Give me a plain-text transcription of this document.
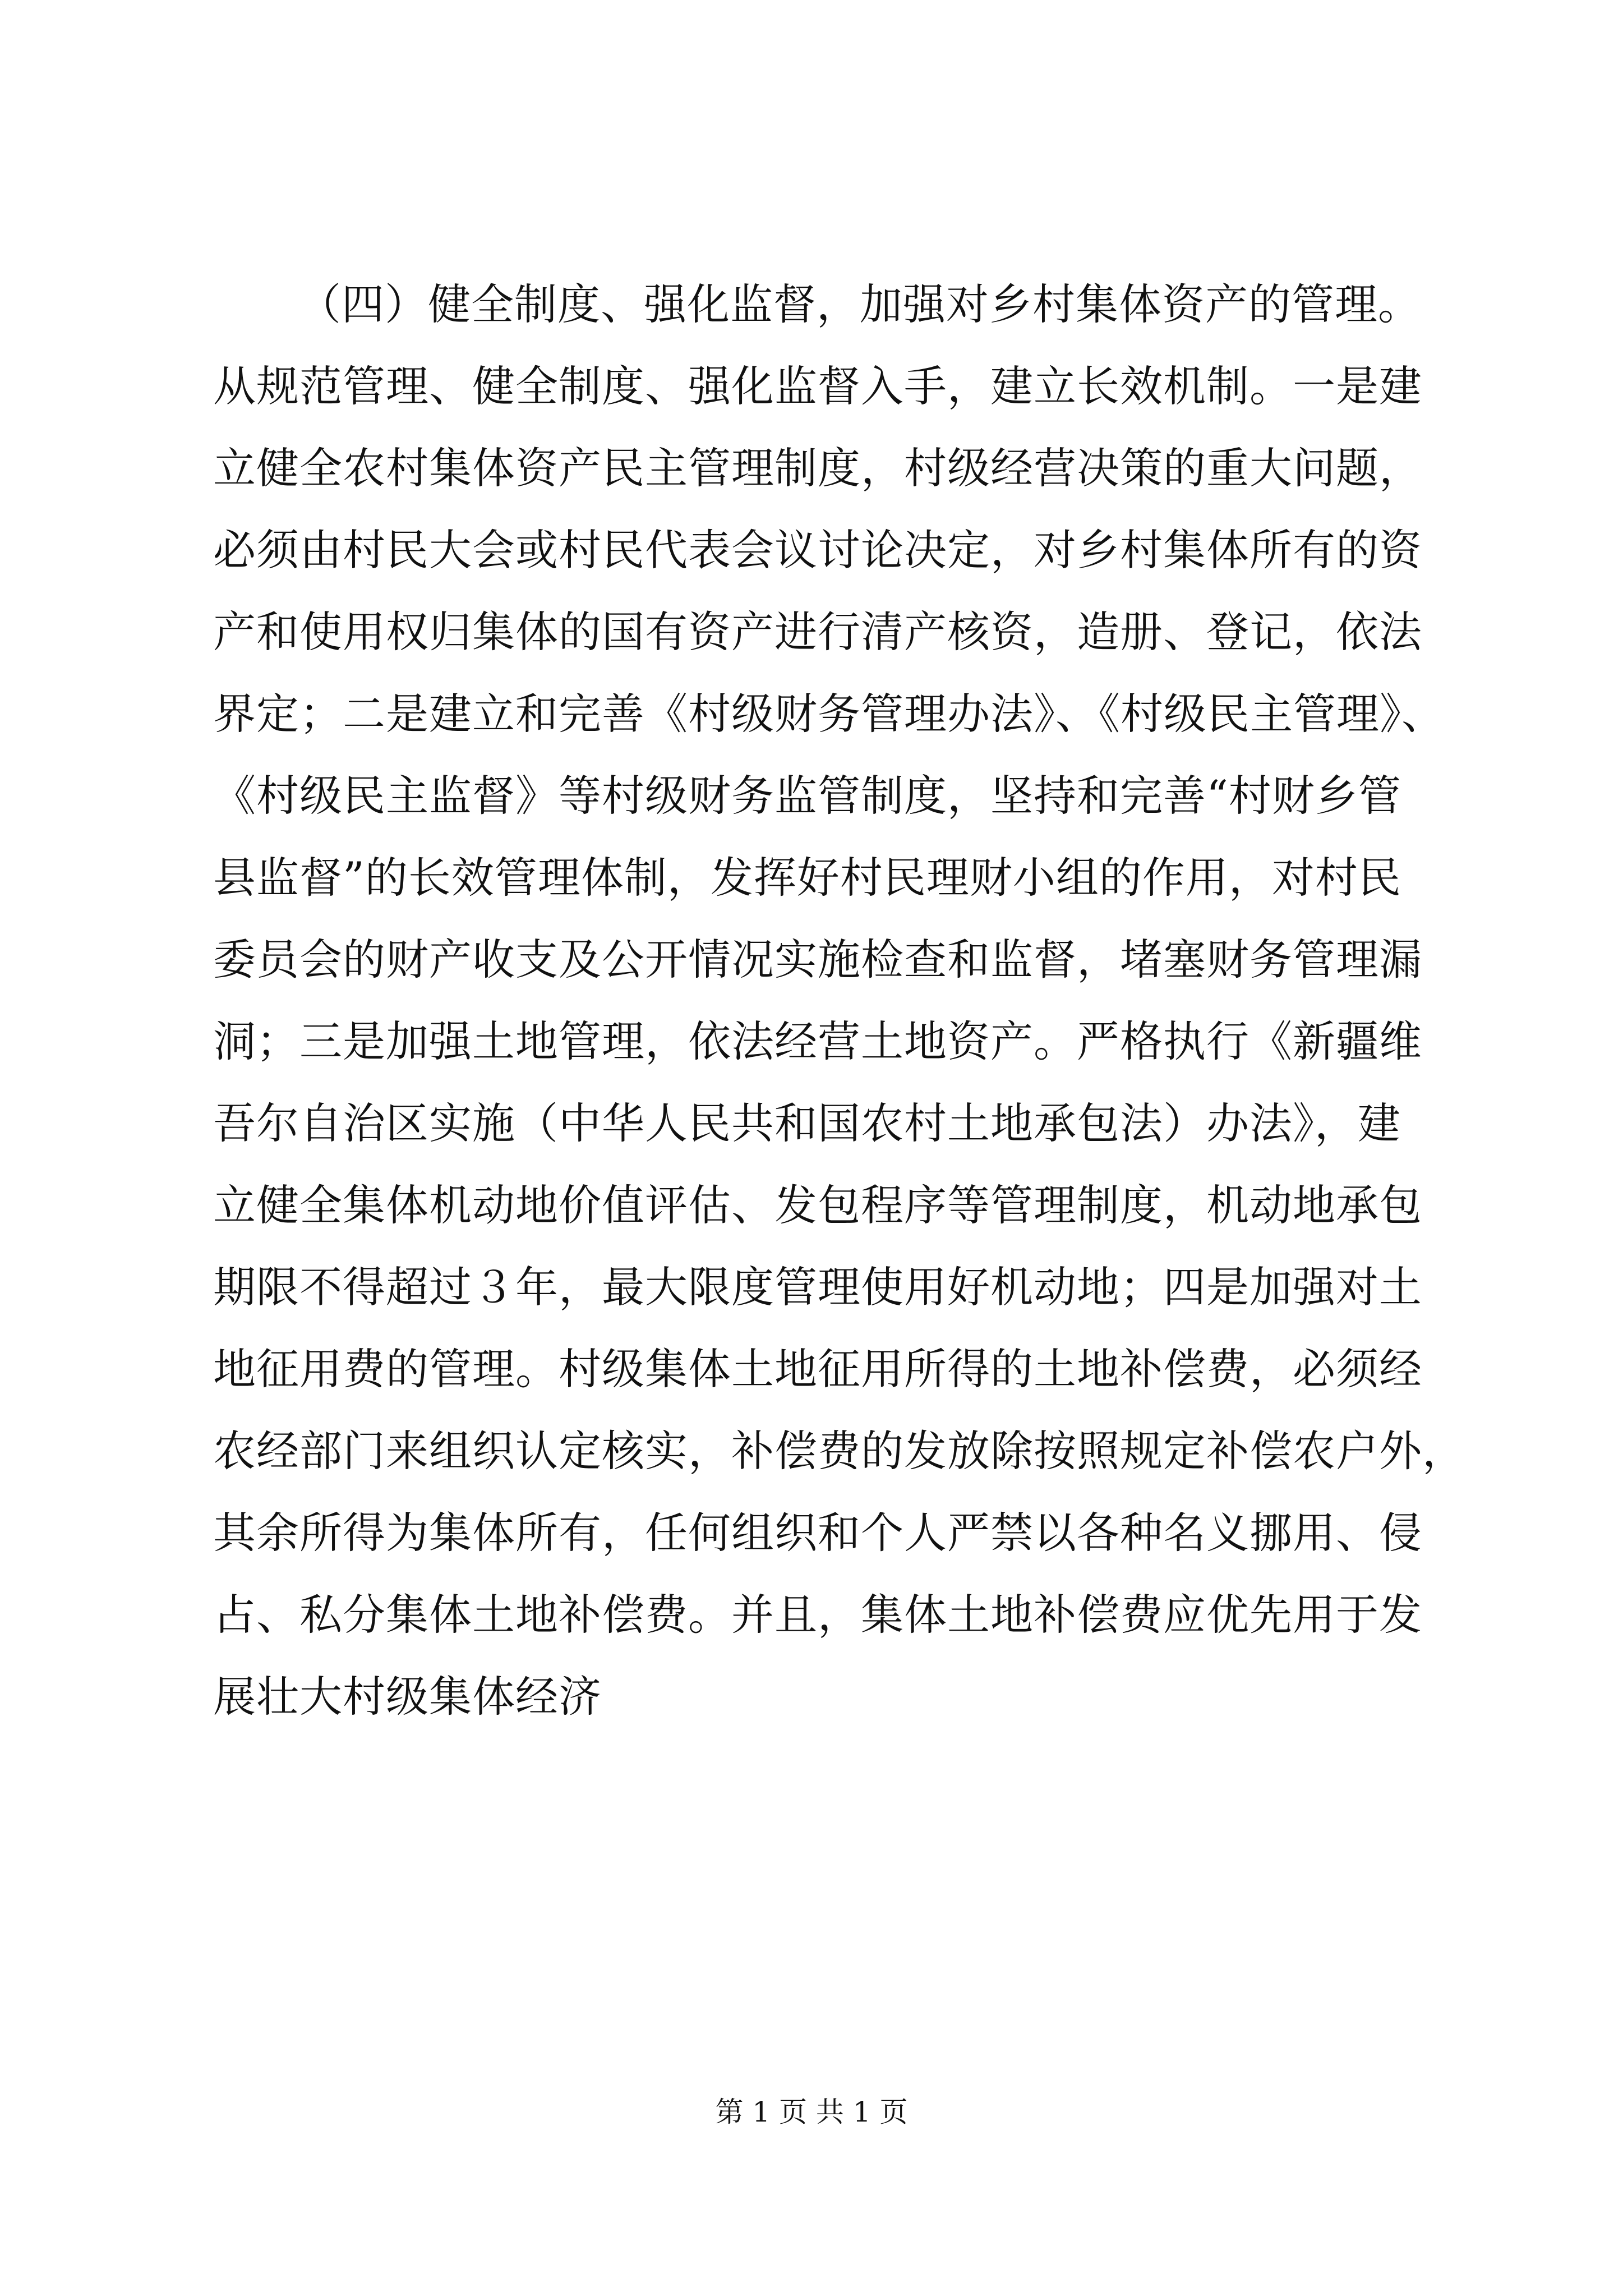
（四）健全制度、强化监督，加强对乡村集体资产的管理。
从规范管理、健全制度、强化监督入手，建立长效机制。一是建
立健全农村集体资产民主管理制度，村级经营决策的重大问题，
必须由村民大会或村民代表会议讨论决定，对乡村集体所有的资
产和使用权归集体的国有资产进行清产核资，造册、登记，依法
界定；二是建立和完善《村级财务管理办法》、《村级民主管理》、
《村级民主监督》等村级财务监管制度，坚持和完善“村财乡管
县监督”的长效管理体制，发挥好村民理财小组的作用，对村民
委员会的财产收支及公开情况实施检查和监督，堵塞财务管理漏
洞；三是加强土地管理，依法经营土地资产。严格执行《新疆维
吾尔自治区实施（中华人民共和国农村土地承包法）办法》，建
立健全集体机动地价值评估、发包程序等管理制度，机动地承包
期限不得超过３年，最大限度管理使用好机动地；四是加强对土
地征用费的管理。村级集体土地征用所得的土地补偿费，必须经
农经部门来组织认定核实，补偿费的发放除按照规定补偿农户外，
其余所得为集体所有，任何组织和个人严禁以各种名义挪用、侵
占、私分集体土地补偿费。并且，集体土地补偿费应优先用于发
展壮大村级集体经济
第 1 页 共 1 页
